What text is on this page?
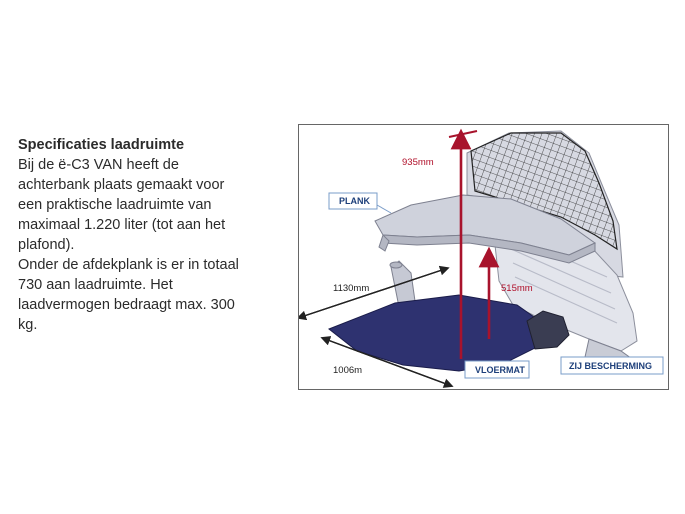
Specificaties laadruimte

Bij de ë-C3 VAN heeft de

achterbank plaats gemaakt voor

een praktische laadruimte van

maximaal 1.220 liter (tot aan het

plafond).

Onder de afdekplank is er in totaal

730 aan laadruimte. Het

laadvermogen bedraagt max. 300

kg.

935mm
515mm
1130mm
1006m
PLANK
VLOERMAT	ZIJ BESCHERMING
